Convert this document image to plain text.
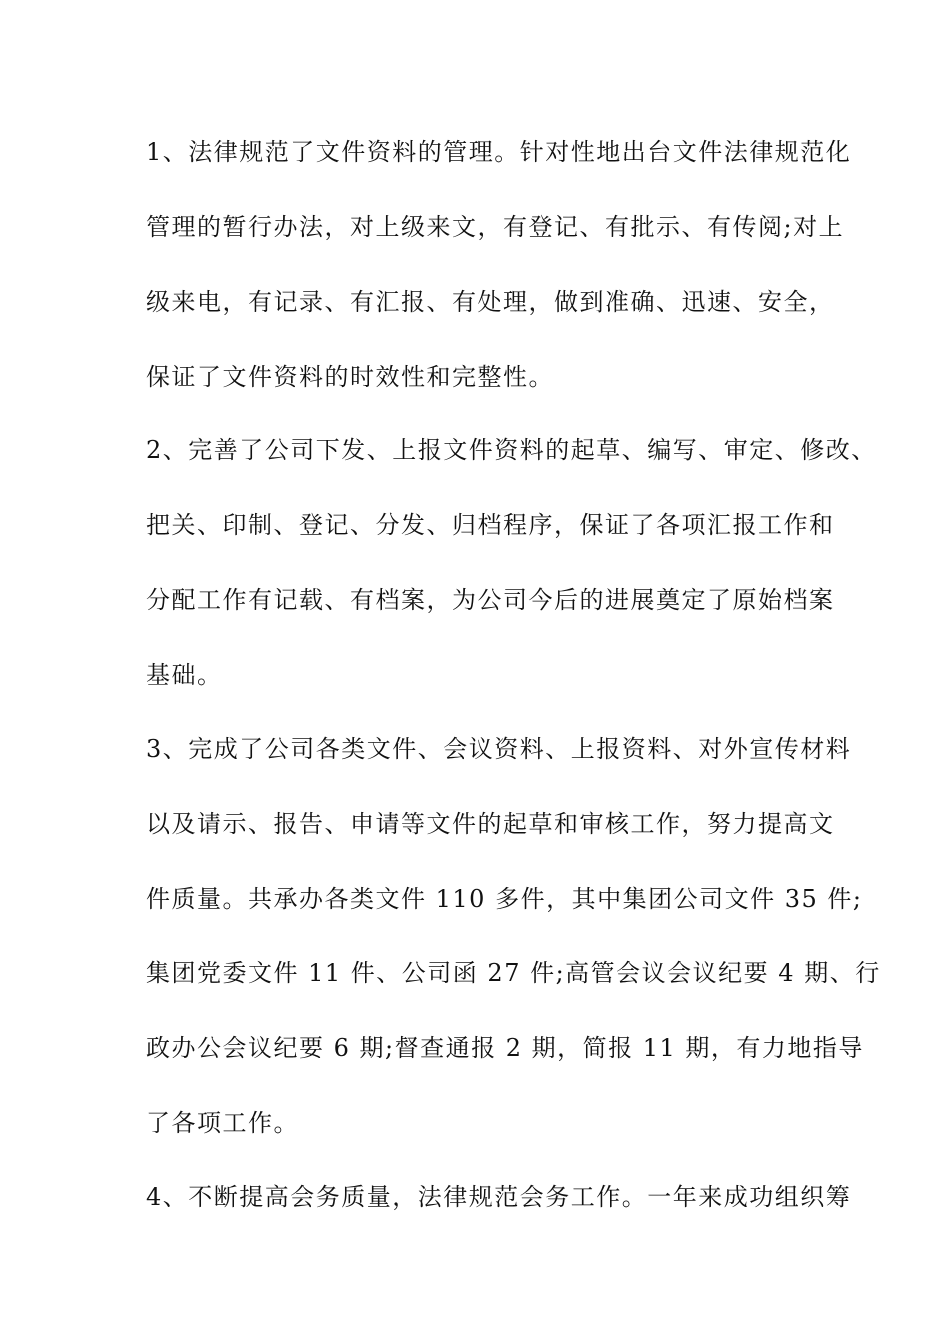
1、法律规范了文件资料的管理。针对性地出台文件法律规范化

管理的暂行办法，对上级来文，有登记、有批示、有传阅;对上

级来电，有记录、有汇报、有处理，做到准确、迅速、安全，

保证了文件资料的时效性和完整性。

2、完善了公司下发、上报文件资料的起草、编写、审定、修改、

把关、印制、登记、分发、归档程序，保证了各项汇报工作和

分配工作有记载、有档案，为公司今后的进展奠定了原始档案

基础。

3、完成了公司各类文件、会议资料、上报资料、对外宣传材料

以及请示、报告、申请等文件的起草和审核工作，努力提高文

件质量。共承办各类文件 110 多件，其中集团公司文件 35 件;

集团党委文件 11 件、公司函 27 件;高管会议会议纪要 4 期、行

政办公会议纪要 6 期;督查通报 2 期，简报 11 期，有力地指导

了各项工作。

4、不断提高会务质量，法律规范会务工作。一年来成功组织筹
